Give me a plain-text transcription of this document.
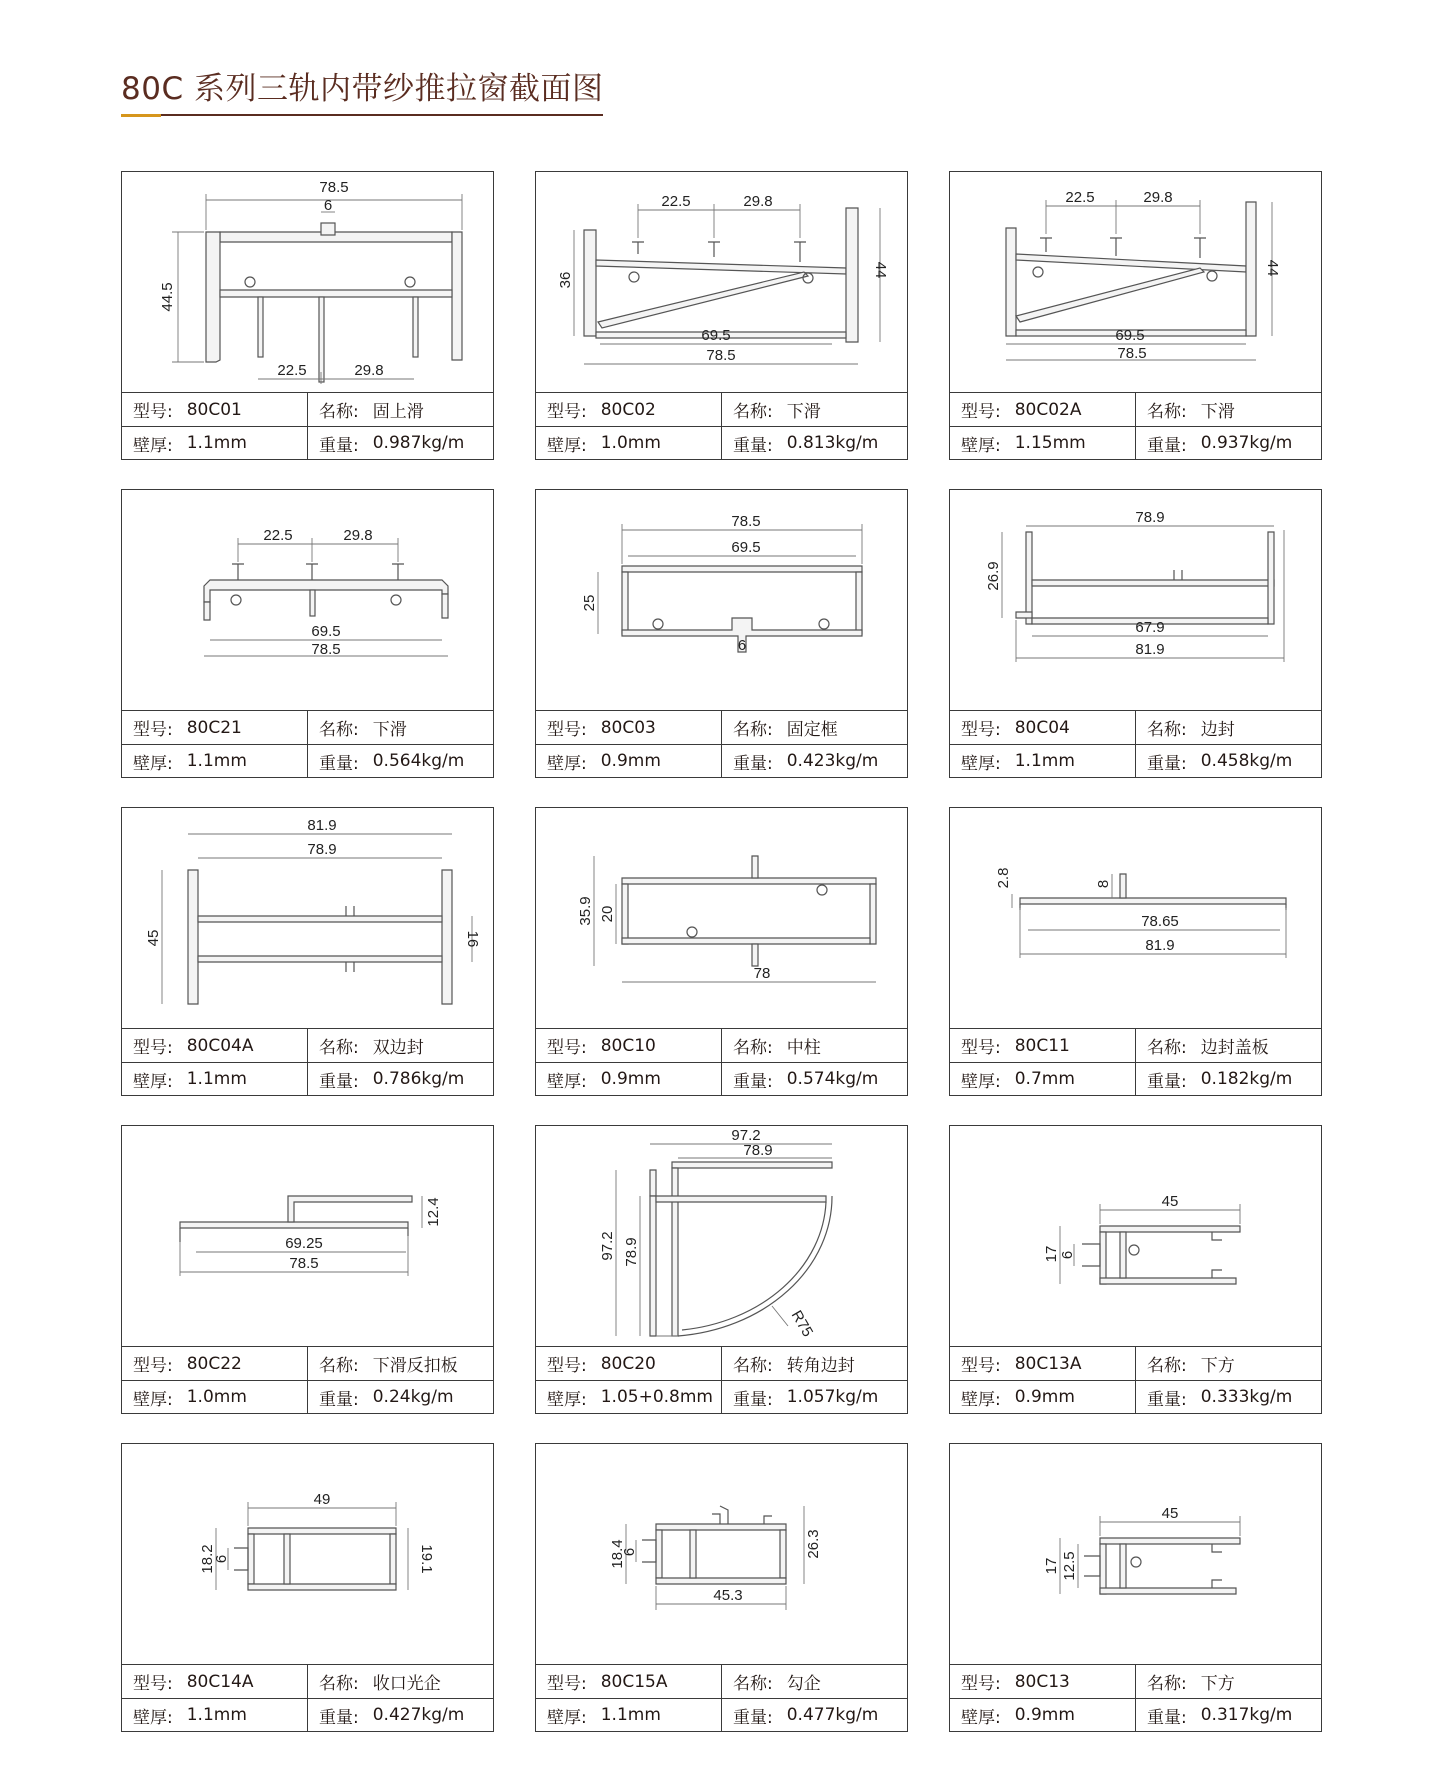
80C 系列三轨内带纱推拉窗截面图
78.5
6
44.5
22.5	29.8
型号: 80C01	名称: 固上滑
壁厚: 1.1mm	重量: 0.987kg/m
22.5	29.8
36
44
69.5
78.5
型号: 80C02	名称: 下滑
壁厚: 1.0mm	重量: 0.813kg/m
22.5	29.8
44
69.5
78.5
型号: 80C02A	名称: 下滑
壁厚: 1.15mm	重量: 0.937kg/m
22.5	29.8
69.5
78.5
型号: 80C21	名称: 下滑
壁厚: 1.1mm	重量: 0.564kg/m
78.5
69.5
25
6
型号: 80C03	名称: 固定框
壁厚: 0.9mm	重量: 0.423kg/m
78.9
26.9
67.9
81.9
型号: 80C04	名称: 边封
壁厚: 1.1mm	重量: 0.458kg/m
81.9
78.9
45	16
型号: 80C04A	名称: 双边封
壁厚: 1.1mm	重量: 0.786kg/m
35.9 20
78
型号: 80C10	名称: 中柱
壁厚: 0.9mm	重量: 0.574kg/m
2.8	8
78.65
81.9
型号: 80C11	名称: 边封盖板
壁厚: 0.7mm	重量: 0.182kg/m
12.4
69.25
78.5
型号: 80C22	名称: 下滑反扣板
壁厚: 1.0mm	重量: 0.24kg/m
97.2
78.9
97.2 78.9
R75
型号: 80C20	名称: 转角边封
壁厚: 1.05+0.8mm 重量: 1.057kg/m
45
17 6
型号: 80C13A	名称: 下方
壁厚: 0.9mm	重量: 0.333kg/m
49
18.2
6	19.1
型号: 80C14A	名称: 收口光企
壁厚: 1.1mm	重量: 0.427kg/m
18.4
6	26.3
45.3
型号: 80C15A	名称: 勾企
壁厚: 1.1mm	重量: 0.477kg/m
45
17 12.5
型号: 80C13	名称: 下方
壁厚: 0.9mm	重量: 0.317kg/m
